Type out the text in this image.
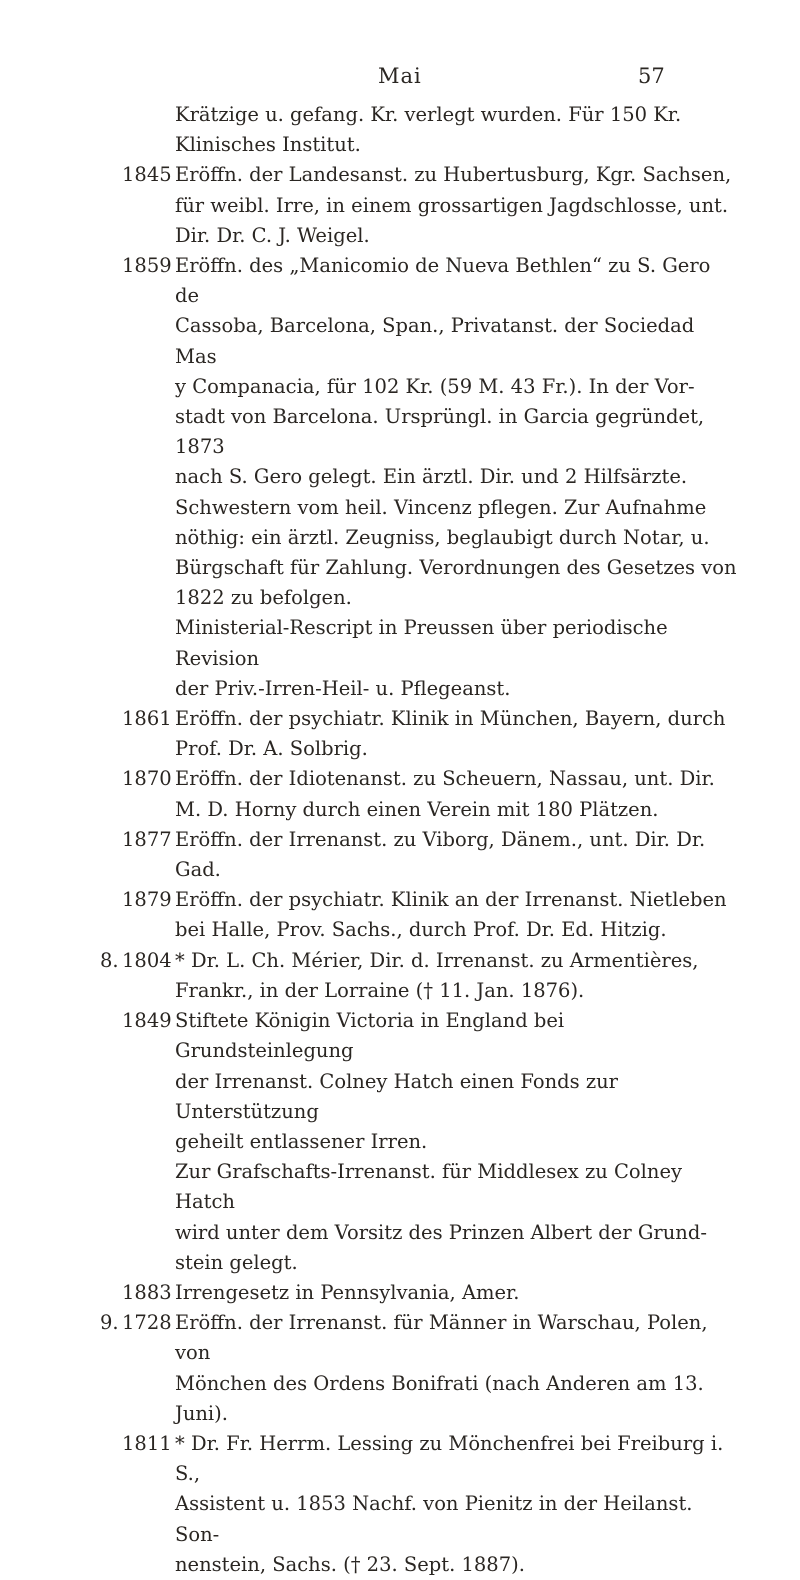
Mai	57

Krätzige u. gefang. Kr. verlegt wurden. Für 150 Kr.

Klinisches Institut.

1845 Eröffn. der Landesanst. zu Hubertusburg, Kgr. Sachsen,

für weibl. Irre, in einem grossartigen Jagdschlosse, unt.

Dir. Dr. C. J. Weigel.

1859 Eröffn. des „Manicomio de Nueva Bethlen“ zu S. Gero de

Cassoba, Barcelona, Span., Privatanst. der Sociedad Mas

y Companacia, für 102 Kr. (59 M. 43 Fr.). In der Vor-

stadt von Barcelona. Ursprüngl. in Garcia gegründet, 1873

nach S. Gero gelegt. Ein ärztl. Dir. und 2 Hilfsärzte.

Schwestern vom heil. Vincenz pflegen. Zur Aufnahme

nöthig: ein ärztl. Zeugniss, beglaubigt durch Notar, u.

Bürgschaft für Zahlung. Verordnungen des Gesetzes von

1822 zu befolgen.

Ministerial-Rescript in Preussen über periodische Revision

der Priv.-Irren-Heil- u. Pflegeanst.

1861 Eröffn. der psychiatr. Klinik in München, Bayern, durch

Prof. Dr. A. Solbrig.

1870 Eröffn. der Idiotenanst. zu Scheuern, Nassau, unt. Dir.

M. D. Horny durch einen Verein mit 180 Plätzen.

1877 Eröffn. der Irrenanst. zu Viborg, Dänem., unt. Dir. Dr. Gad.

1879 Eröffn. der psychiatr. Klinik an der Irrenanst. Nietleben

bei Halle, Prov. Sachs., durch Prof. Dr. Ed. Hitzig.

8. 1804 * Dr. L. Ch. Mérier, Dir. d. Irrenanst. zu Armentières,

Frankr., in der Lorraine († 11. Jan. 1876).

1849 Stiftete Königin Victoria in England bei Grundsteinlegung

der Irrenanst. Colney Hatch einen Fonds zur Unterstützung

geheilt entlassener Irren.

Zur Grafschafts-Irrenanst. für Middlesex zu Colney Hatch

wird unter dem Vorsitz des Prinzen Albert der Grund-

stein gelegt.

1883 Irrengesetz in Pennsylvania, Amer.

9. 1728 Eröffn. der Irrenanst. für Männer in Warschau, Polen, von

Mönchen des Ordens Bonifrati (nach Anderen am 13. Juni).

1811 * Dr. Fr. Herrm. Lessing zu Mönchenfrei bei Freiburg i. S.,

Assistent u. 1853 Nachf. von Pienitz in der Heilanst. Son-

nenstein, Sachs. († 23. Sept. 1887).
